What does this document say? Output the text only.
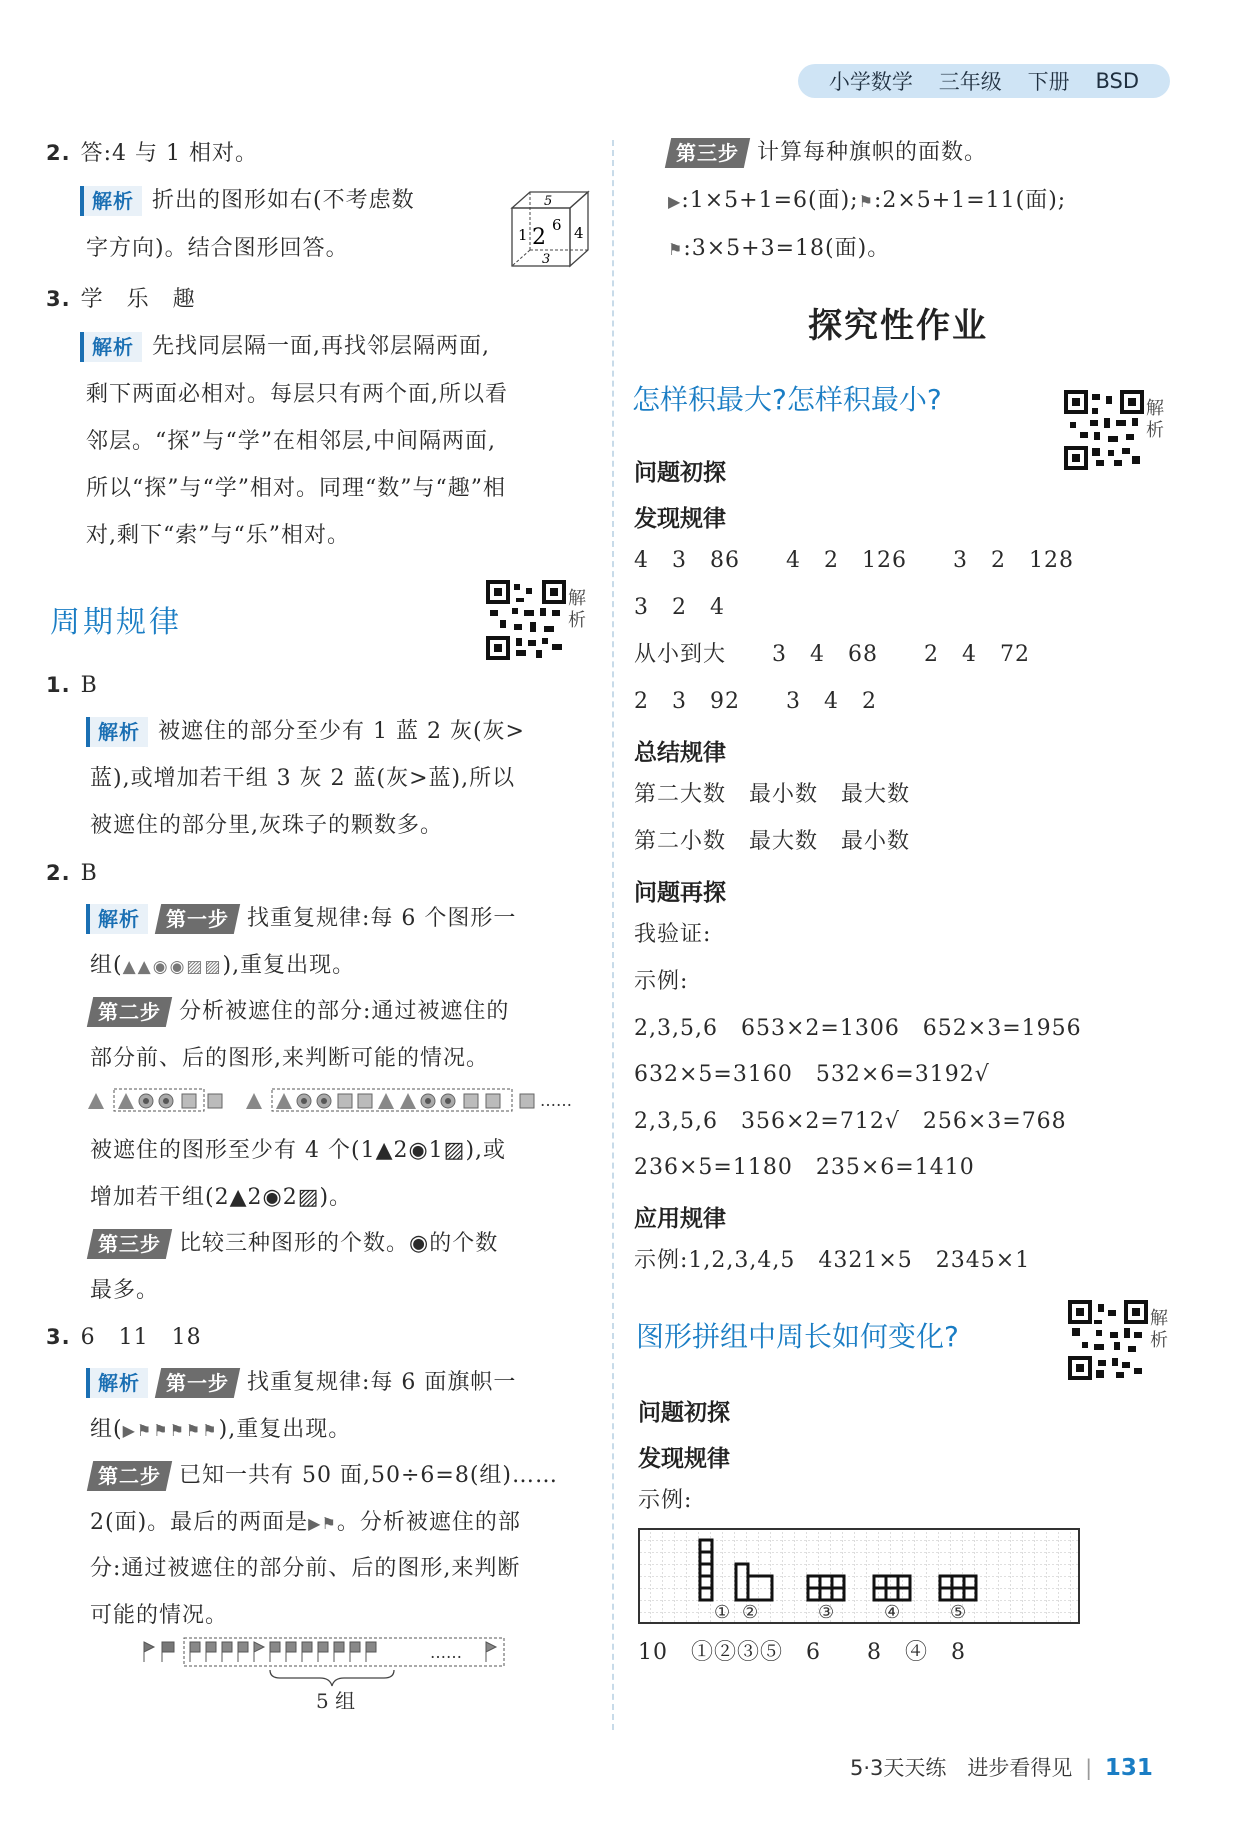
小学数学 三年级 下册 BSD
2. 答:4 与 1 相对。
解析 折出的图形如右(不考虑数
字方向)。结合图形回答。
5
1 2 6 4
3
3. 学　乐　趣
解析 先找同层隔一面,再找邻层隔两面,
剩下两面必相对。每层只有两个面,所以看
邻层。“探”与“学”在相邻层,中间隔两面,
所以“探”与“学”相对。同理“数”与“趣”相
对,剩下“索”与“乐”相对。
周期规律
解析
1. B
解析 被遮住的部分至少有 1 蓝 2 灰(灰>
蓝),或增加若干组 3 灰 2 蓝(灰>蓝),所以
被遮住的部分里,灰珠子的颗数多。
2. B
解析 第一步 找重复规律:每 6 个图形一
组(▲▲◉◉▨▨),重复出现。
第二步 分析被遮住的部分:通过被遮住的
部分前、后的图形,来判断可能的情况。
……
被遮住的图形至少有 4 个(1▲2◉1▨),或
增加若干组(2▲2◉2▨)。
第三步 比较三种图形的个数。◉的个数
最多。
3. 6　11　18
解析 第一步 找重复规律:每 6 面旗帜一
组(▶⚑⚑⚑⚑⚑),重复出现。
第二步 已知一共有 50 面,50÷6=8(组)……
2(面)。最后的两面是▶⚑。分析被遮住的部
分:通过被遮住的部分前、后的图形,来判断
可能的情况。
……
5 组
第三步 计算每种旗帜的面数。
▶:1×5+1=6(面);⚑:2×5+1=11(面);
⚑:3×5+3=18(面)。
探究性作业
怎样积最大?怎样积最小?	解析
问题初探
发现规律
4　3　86　　4　2　126　　3　2　128
3　2　4
从小到大　　3　4　68　　2　4　72
2　3　92　　3　4　2
总结规律
第二大数　最小数　最大数
第二小数　最大数　最小数
问题再探
我验证:
示例:
2,3,5,6　653×2=1306　652×3=1956
632×5=3160　532×6=3192√
2,3,5,6　356×2=712√　256×3=768
236×5=1180　235×6=1410
应用规律
示例:1,2,3,4,5　4321×5　2345×1
图形拼组中周长如何变化?
解析
问题初探
发现规律
示例:
① ②	③	④	⑤
10　①②③⑤　6　　8　④　8
5·3天天练　进步看得见 | 131
